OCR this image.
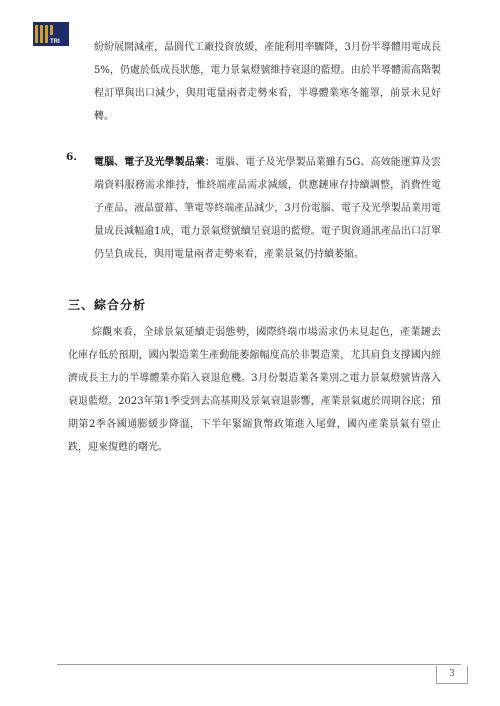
TRI	紛紛展開減產，晶圓代工廠投資放緩，產能利用率驟降，3月份半導體用電成長5%，仍處於低成長狀態，電力景氣燈號維持衰退的藍燈。由於半導體需高階製程訂單與出口減少，與用電量兩者走勢來看，半導體業寒冬籠罩，前景未見好轉。

6. 電腦、電子及光學製品業：電腦、電子及光學製品業雖有5G、高效能運算及雲端資料服務需求維持，惟終端產品需求減緩，供應鏈庫存持續調整，消費性電子產品、液晶螢幕、筆電等終端產品減少，3月份電腦、電子及光學製品業用電量成長減幅逾1成，電力景氣燈號續呈衰退的藍燈。電子與資通訊產品出口訂單仍呈負成長，與用電量兩者走勢來看，產業景氣仍持續萎縮。

三、綜合分析

綜觀來看，全球景氣延續走弱態勢，國際終端市場需求仍未見起色，產業鏈去化庫存低於預期，國內製造業生產動能萎縮幅度高於非製造業，尤其肩負支撐國內經濟成長主力的半導體業亦陷入衰退危機。3月份製造業各業別之電力景氣燈號皆落入衰退藍燈。2023年第1季受到去高基期及景氣衰退影響，產業景氣處於周期谷底；預期第2季各國通膨緩步降溫，下半年緊縮貨幣政策進入尾聲，國內產業景氣有望止跌，迎來復甦的曙光。

3
